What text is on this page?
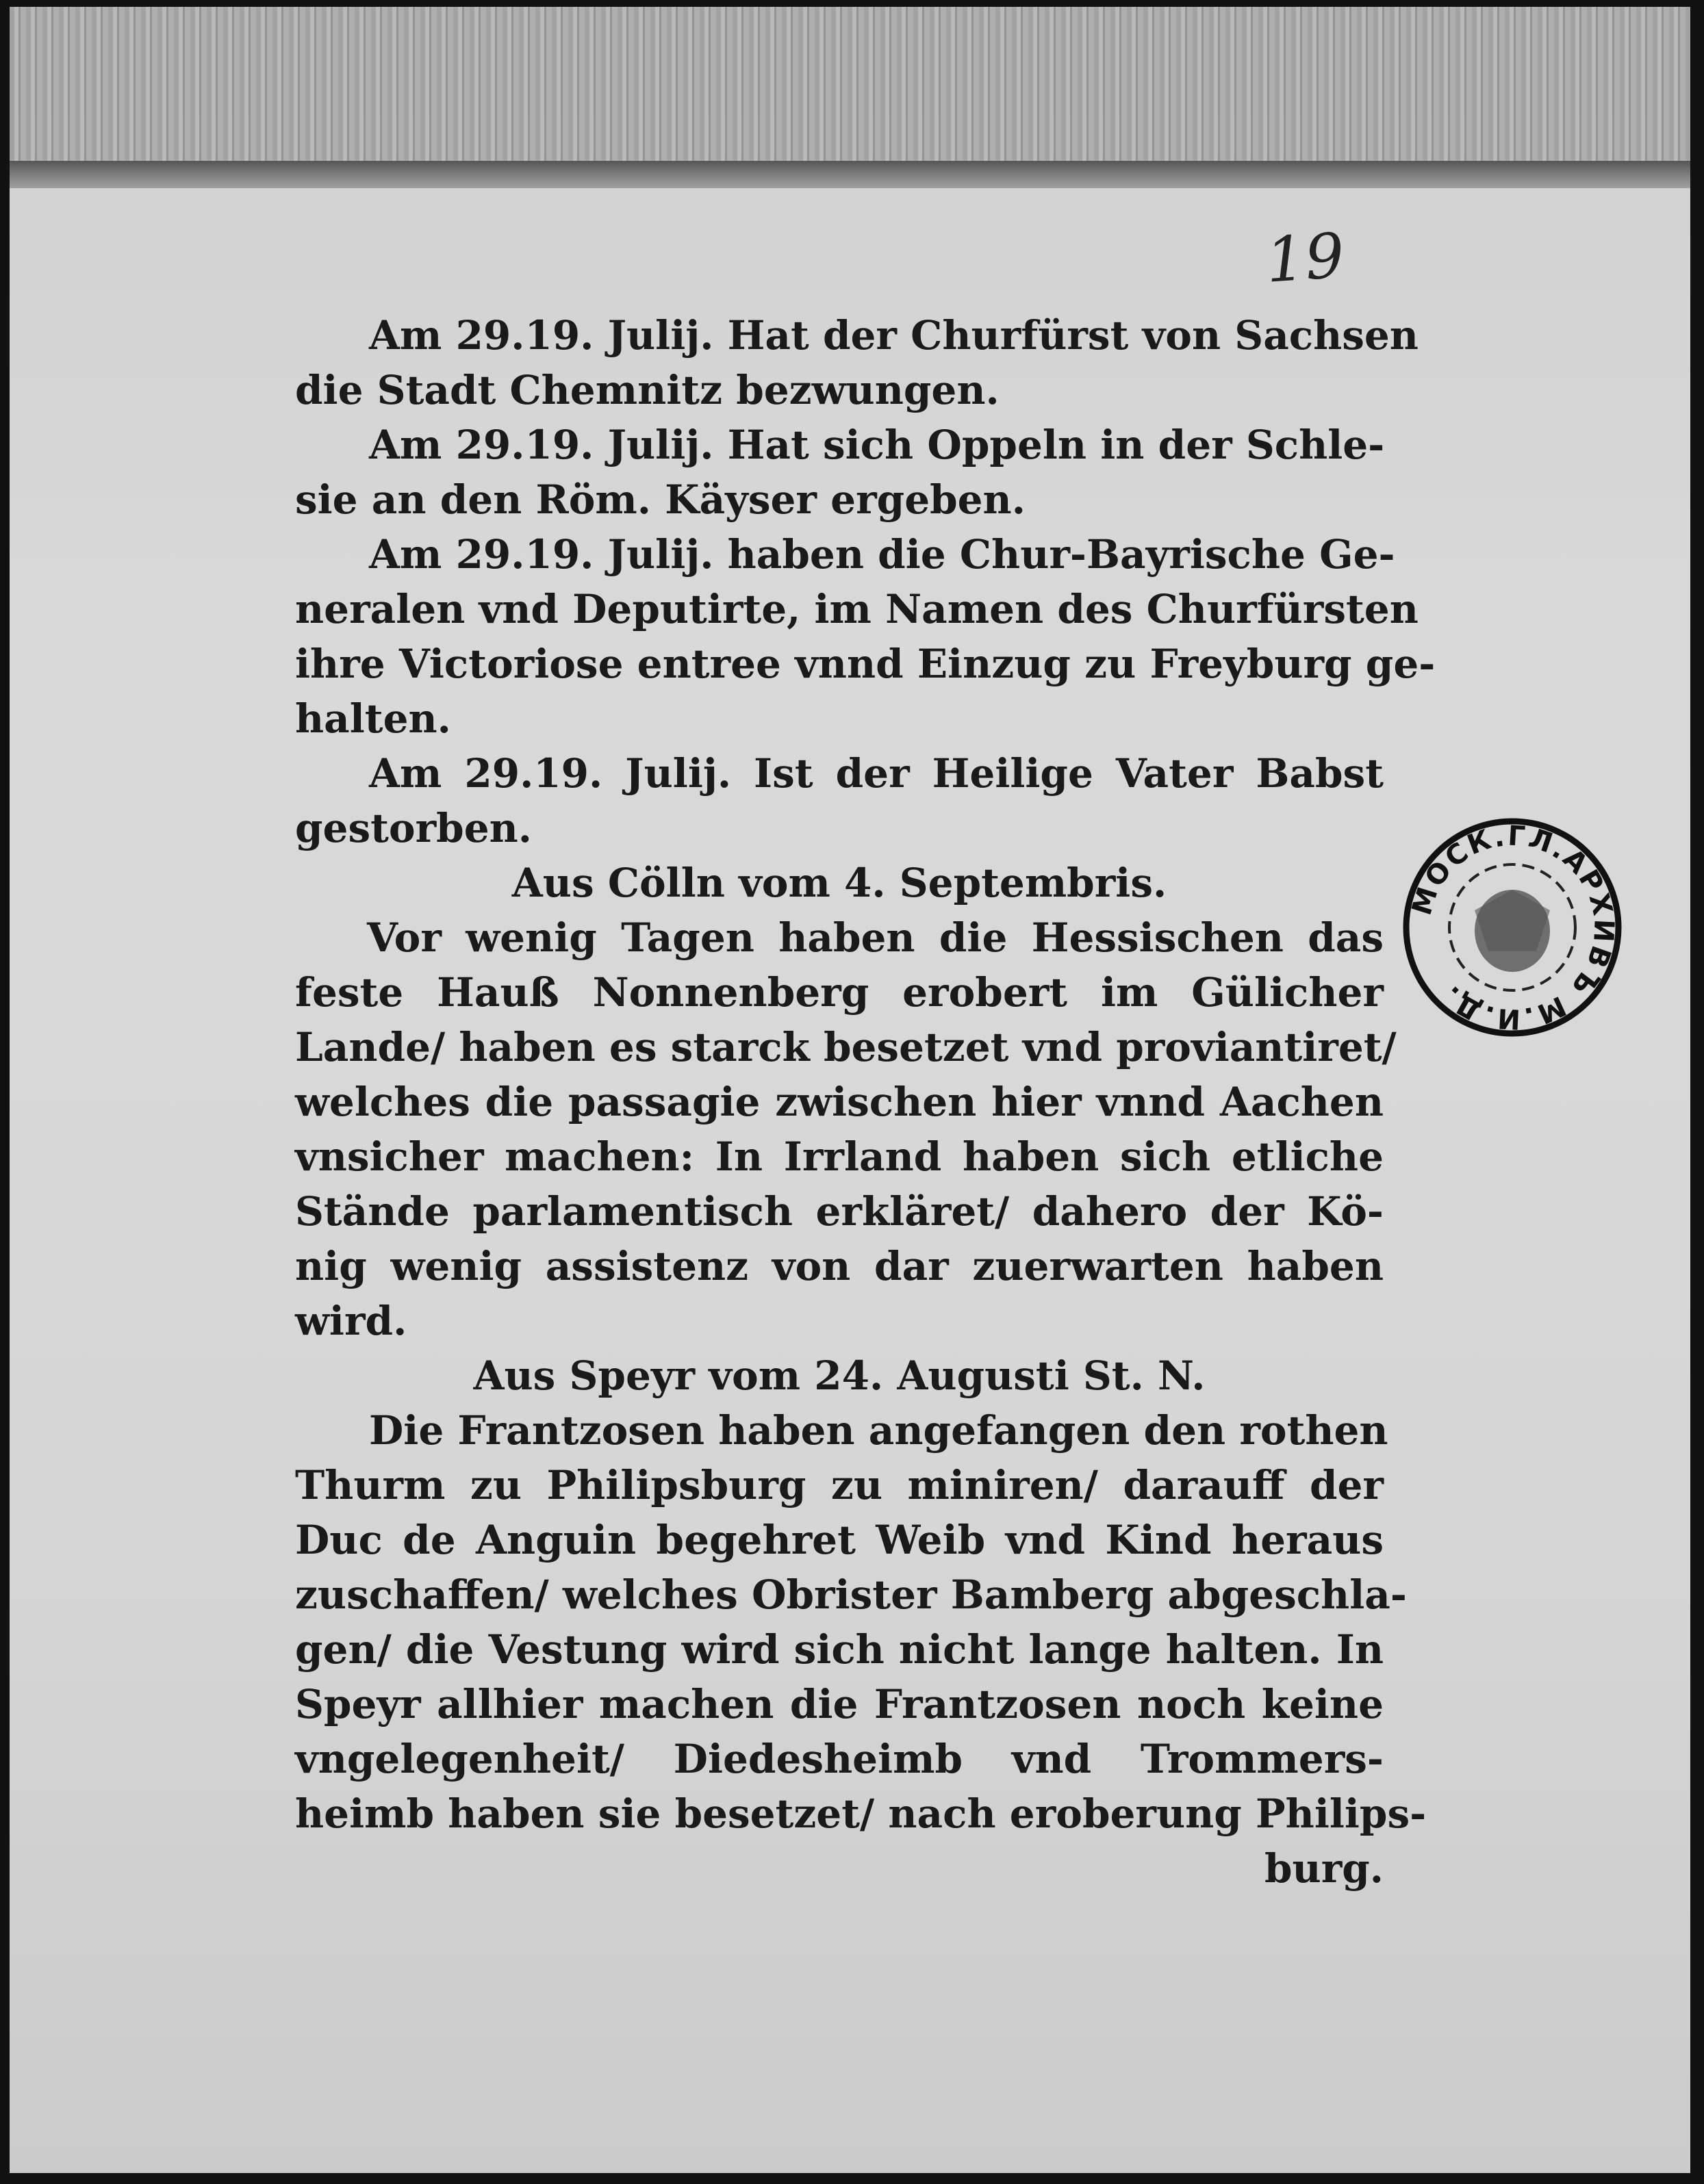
19
Am 29.19. Julij. Hat der Churfürst von Sachsen
die Stadt Chemnitz bezwungen.
Am 29.19. Julij. Hat sich Oppeln in der Schle-
sie an den Röm. Käyser ergeben.
Am 29.19. Julij. haben die Chur-Bayrische Ge-
neralen vnd Deputirte, im Namen des Churfürsten
ihre Victoriose entree vnnd Einzug zu Freyburg ge-
halten.
Am 29.19. Julij. Ist der Heilige Vater Babst
gestorben.
Aus Cölln vom 4. Septembris.
Vor wenig Tagen haben die Hessischen das
feste Hauß Nonnenberg erobert im Gülicher
Lande/ haben es starck besetzet vnd proviantiret/
welches die passagie zwischen hier vnnd Aachen
vnsicher machen: In Irrland haben sich etliche
Stände parlamentisch erkläret/ dahero der Kö-
nig wenig assistenz von dar zuerwarten haben
wird.
Aus Speyr vom 24. Augusti St. N.
Die Frantzosen haben angefangen den rothen
Thurm zu Philipsburg zu miniren/ darauff der
Duc de Anguin begehret Weib vnd Kind heraus
zuschaffen/ welches Obrister Bamberg abgeschla-
gen/ die Vestung wird sich nicht lange halten. In
Speyr allhier machen die Frantzosen noch keine
vngelegenheit/ Diedesheimb vnd Trommers-
heimb haben sie besetzet/ nach eroberung Philips-
burg.
МОСК.ГЛ.АРХИВЪ М.И.Д.
